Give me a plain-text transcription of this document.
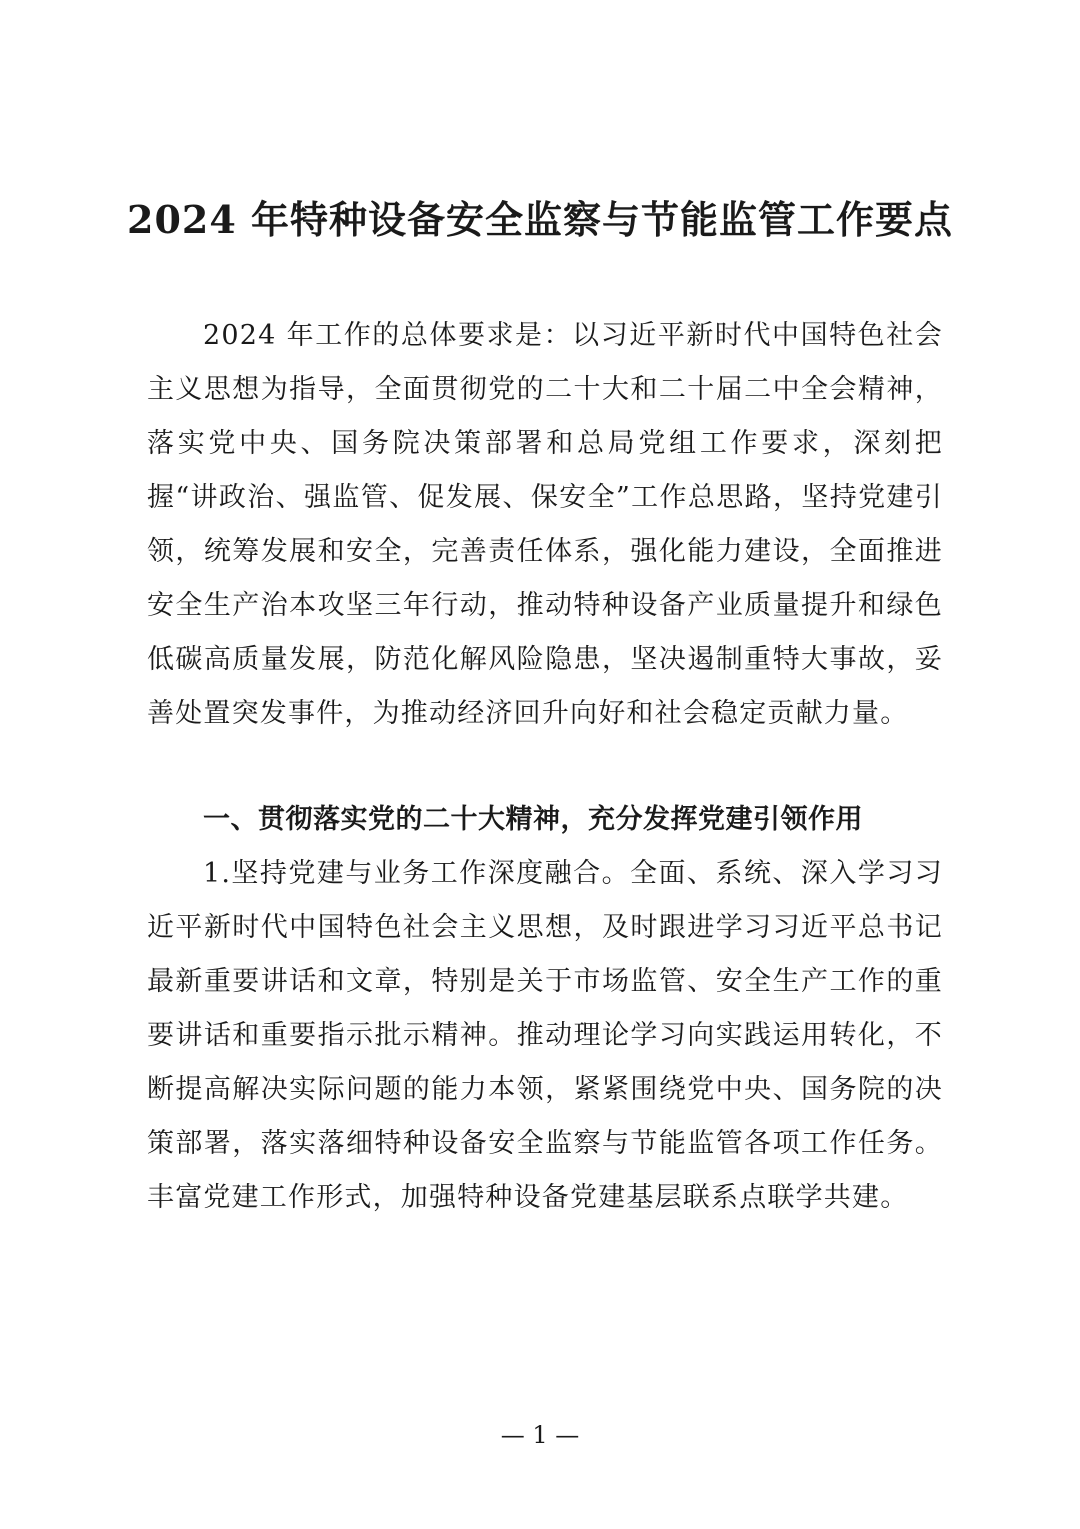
2024 年特种设备安全监察与节能监管工作要点

2024 年工作的总体要求是：以习近平新时代中国特色社会主义思想为指导，全面贯彻党的二十大和二十届二中全会精神，落实党中央、国务院决策部署和总局党组工作要求，深刻把握“讲政治、强监管、促发展、保安全”工作总思路，坚持党建引领，统筹发展和安全，完善责任体系，强化能力建设，全面推进安全生产治本攻坚三年行动，推动特种设备产业质量提升和绿色低碳高质量发展，防范化解风险隐患，坚决遏制重特大事故，妥善处置突发事件，为推动经济回升向好和社会稳定贡献力量。

一、贯彻落实党的二十大精神，充分发挥党建引领作用

1.坚持党建与业务工作深度融合。全面、系统、深入学习习近平新时代中国特色社会主义思想，及时跟进学习习近平总书记最新重要讲话和文章，特别是关于市场监管、安全生产工作的重要讲话和重要指示批示精神。推动理论学习向实践运用转化，不断提高解决实际问题的能力本领，紧紧围绕党中央、国务院的决策部署，落实落细特种设备安全监察与节能监管各项工作任务。丰富党建工作形式，加强特种设备党建基层联系点联学共建。

— 1 —
